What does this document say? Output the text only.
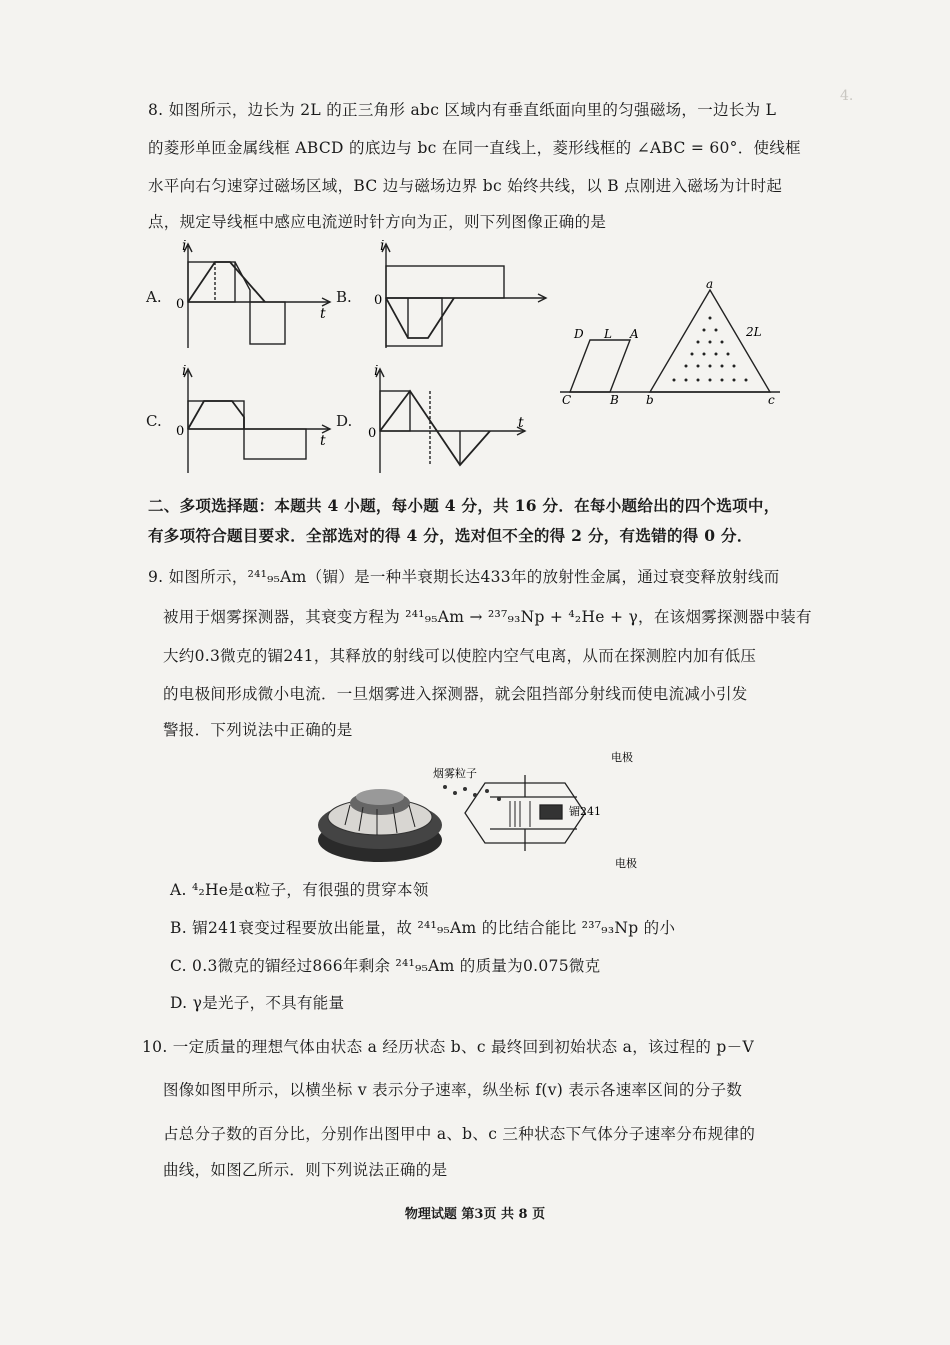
4.
8. 如图所示，边长为 2L 的正三角形 abc 区域内有垂直纸面向里的匀强磁场，一边长为 L
的菱形单匝金属线框 ABCD 的底边与 bc 在同一直线上，菱形线框的 ∠ABC = 60°．使线框
水平向右匀速穿过磁场区域，BC 边与磁场边界 bc 始终共线，以 B 点刚进入磁场为计时起
点，规定导线框中感应电流逆时针方向为正，则下列图像正确的是
A.
i
0
t
B.
i
0
D L A
C	B b	c
a
2L
C.
i
0
t
D.
i
0
t
二、多项选择题：本题共 4 小题，每小题 4 分，共 16 分．在每小题给出的四个选项中，
有多项符合题目要求．全部选对的得 4 分，选对但不全的得 2 分，有选错的得 0 分．
9. 如图所示，²⁴¹₉₅Am（镅）是一种半衰期长达433年的放射性金属，通过衰变释放射线而
被用于烟雾探测器，其衰变方程为 ²⁴¹₉₅Am → ²³⁷₉₃Np + ⁴₂He + γ，在该烟雾探测器中装有
大约0.3微克的镅241，其释放的射线可以使腔内空气电离，从而在探测腔内加有低压
的电极间形成微小电流．一旦烟雾进入探测器，就会阻挡部分射线而使电流减小引发
警报．下列说法中正确的是
烟雾粒子
电极
镅241
电极
A. ⁴₂He是α粒子，有很强的贯穿本领
B. 镅241衰变过程要放出能量，故 ²⁴¹₉₅Am 的比结合能比 ²³⁷₉₃Np 的小
C. 0.3微克的镅经过866年剩余 ²⁴¹₉₅Am 的质量为0.075微克
D. γ是光子，不具有能量
10. 一定质量的理想气体由状态 a 经历状态 b、c 最终回到初始状态 a，该过程的 p－V
图像如图甲所示，以横坐标 v 表示分子速率，纵坐标 f(v) 表示各速率区间的分子数
占总分子数的百分比，分别作出图甲中 a、b、c 三种状态下气体分子速率分布规律的
曲线，如图乙所示．则下列说法正确的是
物理试题 第3页 共 8 页
